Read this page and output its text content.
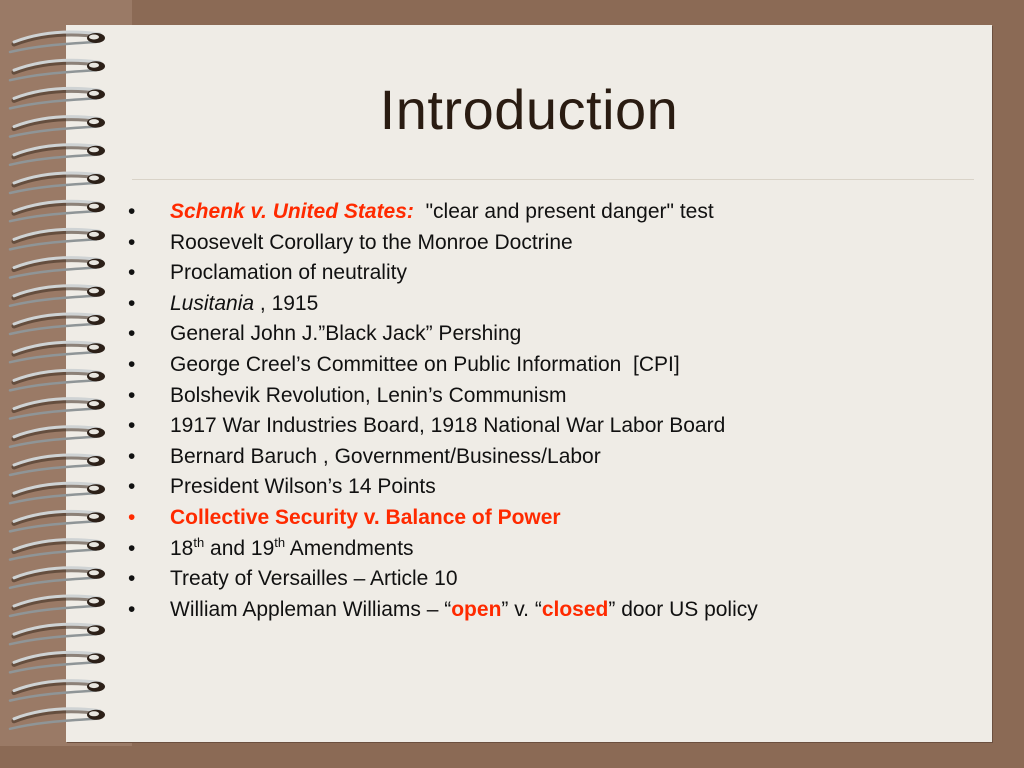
Introduction
•	Schenk v. United States:  "clear and present danger" test
•	Roosevelt Corollary to the Monroe Doctrine
•	Proclamation of neutrality
•	Lusitania , 1915
•	General John J.”Black Jack” Pershing
•	George Creel’s Committee on Public Information  [CPI]
•	Bolshevik Revolution, Lenin’s Communism
•	1917 War Industries Board, 1918 National War Labor Board
•	Bernard Baruch , Government/Business/Labor
•	President Wilson’s 14 Points
•	Collective Security v. Balance of Power
•	18th and 19th Amendments
•	Treaty of Versailles – Article 10
•	William Appleman Williams – “open” v. “closed” door US policy
